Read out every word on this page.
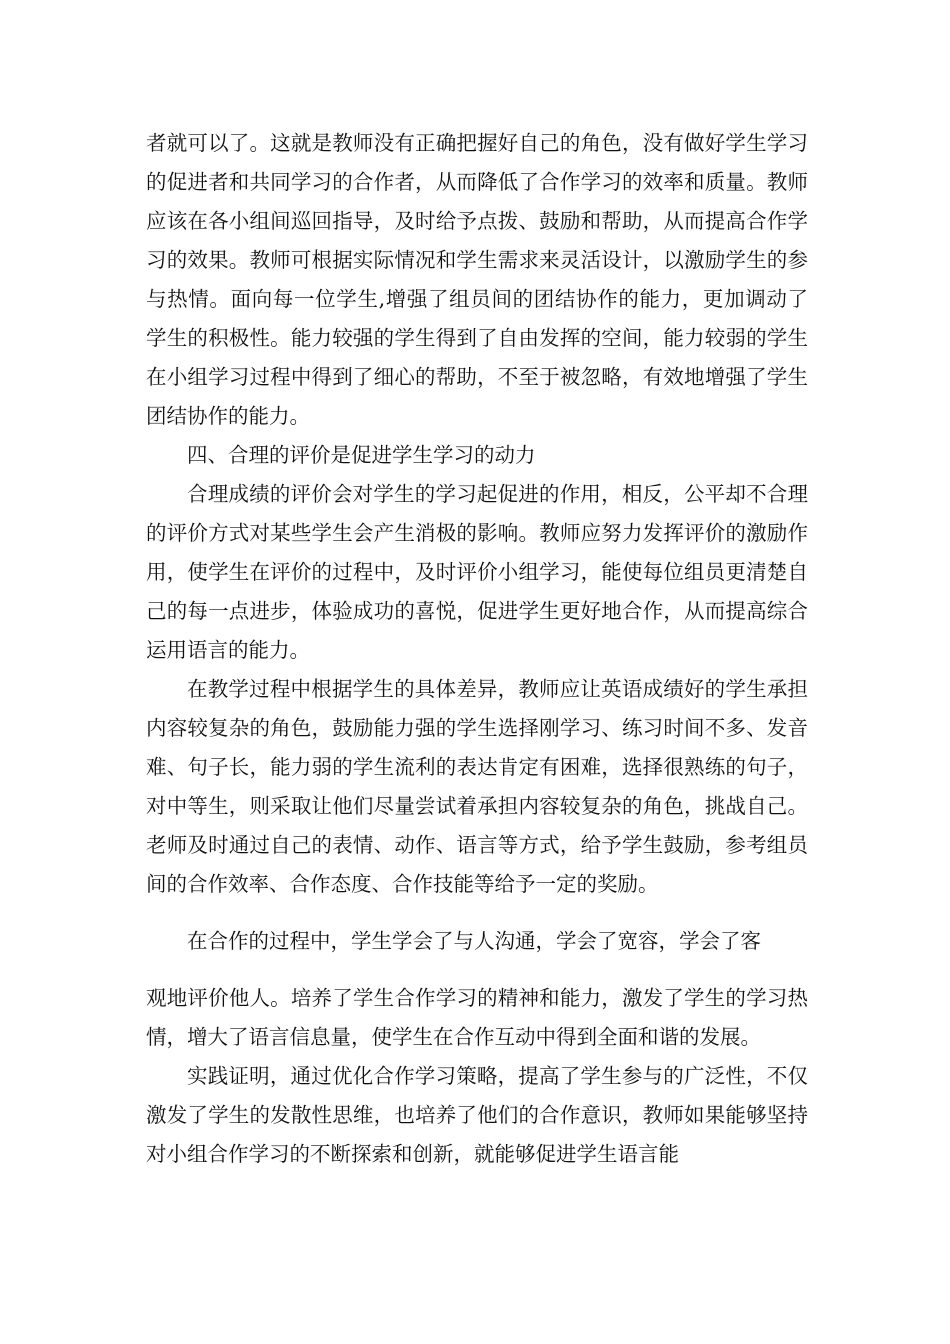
者就可以了。这就是教师没有正确把握好自己的角色，没有做好学生学习的促进者和共同学习的合作者，从而降低了合作学习的效率和质量。教师应该在各小组间巡回指导，及时给予点拨、鼓励和帮助，从而提高合作学习的效果。教师可根据实际情况和学生需求来灵活设计，以激励学生的参与热情。面向每一位学生,增强了组员间的团结协作的能力，更加调动了学生的积极性。能力较强的学生得到了自由发挥的空间，能力较弱的学生在小组学习过程中得到了细心的帮助，不至于被忽略，有效地增强了学生团结协作的能力。

四、合理的评价是促进学生学习的动力

合理成绩的评价会对学生的学习起促进的作用，相反，公平却不合理的评价方式对某些学生会产生消极的影响。教师应努力发挥评价的激励作用，使学生在评价的过程中，及时评价小组学习，能使每位组员更清楚自己的每一点进步，体验成功的喜悦，促进学生更好地合作，从而提高综合运用语言的能力。

在教学过程中根据学生的具体差异，教师应让英语成绩好的学生承担内容较复杂的角色，鼓励能力强的学生选择刚学习、练习时间不多、发音难、句子长，能力弱的学生流利的表达肯定有困难，选择很熟练的句子，对中等生，则采取让他们尽量尝试着承担内容较复杂的角色，挑战自己。老师及时通过自己的表情、动作、语言等方式，给予学生鼓励，参考组员间的合作效率、合作态度、合作技能等给予一定的奖励。

在合作的过程中，学生学会了与人沟通，学会了宽容，学会了客

观地评价他人。培养了学生合作学习的精神和能力，激发了学生的学习热情，增大了语言信息量，使学生在合作互动中得到全面和谐的发展。

实践证明，通过优化合作学习策略，提高了学生参与的广泛性，不仅激发了学生的发散性思维，也培养了他们的合作意识，教师如果能够坚持对小组合作学习的不断探索和创新，就能够促进学生语言能
